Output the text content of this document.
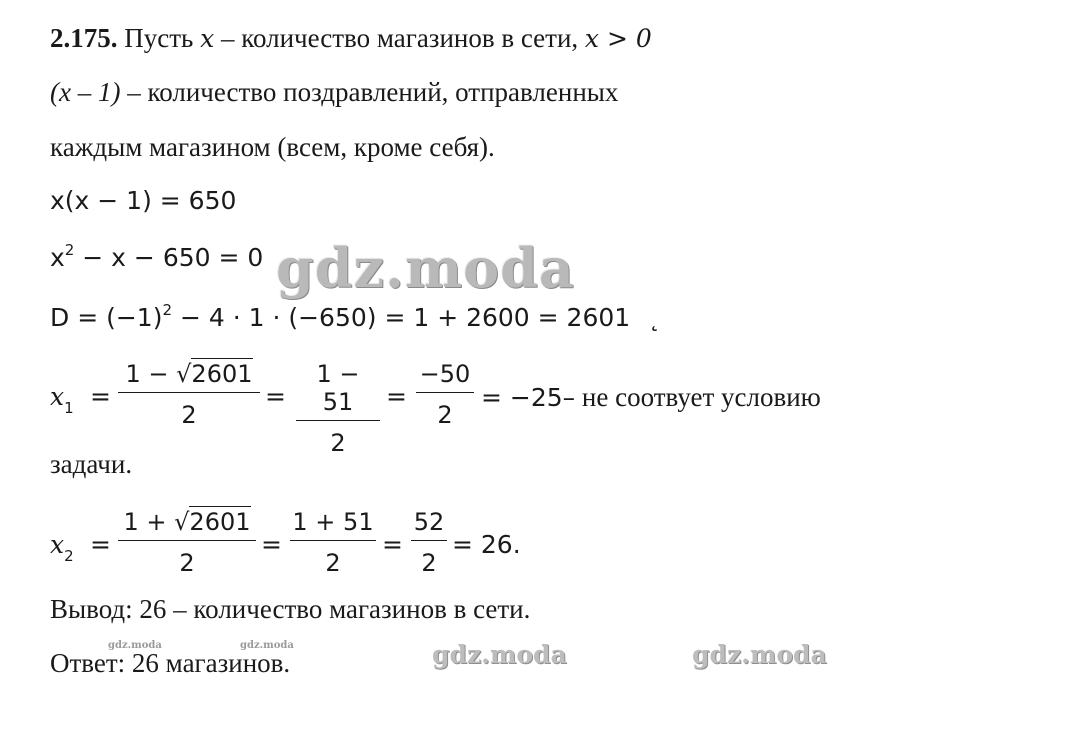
2.175. Пусть x – количество магазинов в сети, x > 0
(x – 1) – количество поздравлений, отправленных
каждым магазином (всем, кроме себя).
x(x − 1) = 650
$x^2 - x - 650 = 0$
$D = (-1)^2 - 4 \cdot 1 \cdot (-650) = 1 + 2600 = 2601$ ˛
$x_1 = \frac{1 - √2601}{2} = \frac{1 - 51}{2} = \frac{-50}{2} = -25-$ не соотвует условию
задачи.
$x_2 = \frac{1 + √2601}{2} = \frac{1 + 51}{2} = \frac{52}{2} = 26$.
Вывод: 26 – количество магазинов в сети.
Ответ: 26 магазинов.
gdz.moda
gdz.moda	gdz.moda
gdz.moda	gdz.moda
